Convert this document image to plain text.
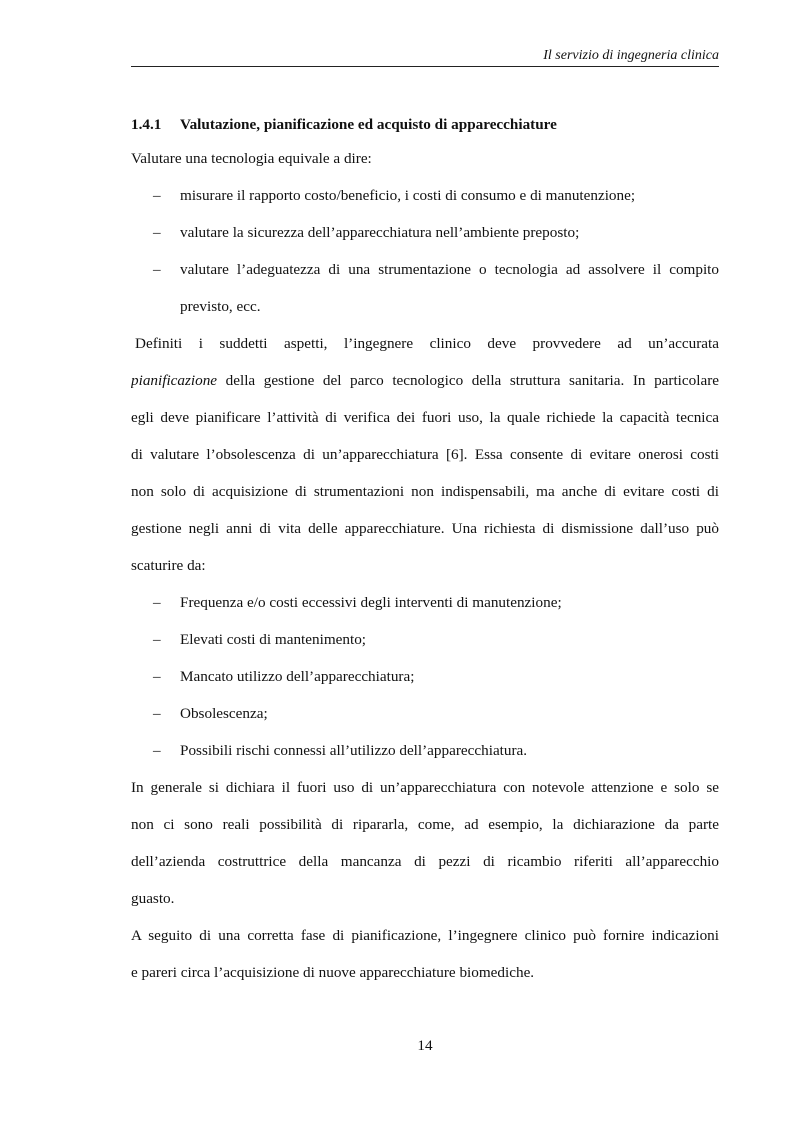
Il servizio di ingegneria clinica
1.4.1 Valutazione, pianificazione ed acquisto di apparecchiature

Valutare una tecnologia equivale a dire:

– misurare il rapporto costo/beneficio, i costi di consumo e di manutenzione;
– valutare la sicurezza dell’apparecchiatura nell’ambiente preposto;
– valutare l’adeguatezza di una strumentazione o tecnologia ad assolvere il compito
previsto, ecc.

Definiti i suddetti aspetti, l’ingegnere clinico deve provvedere ad un’accurata
pianificazione della gestione del parco tecnologico della struttura sanitaria. In particolare
egli deve pianificare l’attività di verifica dei fuori uso, la quale richiede la capacità tecnica
di valutare l’obsolescenza di un’apparecchiatura [6]. Essa consente di evitare onerosi costi
non solo di acquisizione di strumentazioni non indispensabili, ma anche di evitare costi di
gestione negli anni di vita delle apparecchiature. Una richiesta di dismissione dall’uso può
scaturire da:

– Frequenza e/o costi eccessivi degli interventi di manutenzione;
– Elevati costi di mantenimento;
– Mancato utilizzo dell’apparecchiatura;
– Obsolescenza;
– Possibili rischi connessi all’utilizzo dell’apparecchiatura.

In generale si dichiara il fuori uso di un’apparecchiatura con notevole attenzione e solo se
non ci sono reali possibilità di ripararla, come, ad esempio, la dichiarazione da parte
dell’azienda costruttrice della mancanza di pezzi di ricambio riferiti all’apparecchio
guasto.

A seguito di una corretta fase di pianificazione, l’ingegnere clinico può fornire indicazioni
e pareri circa l’acquisizione di nuove apparecchiature biomediche.

14
